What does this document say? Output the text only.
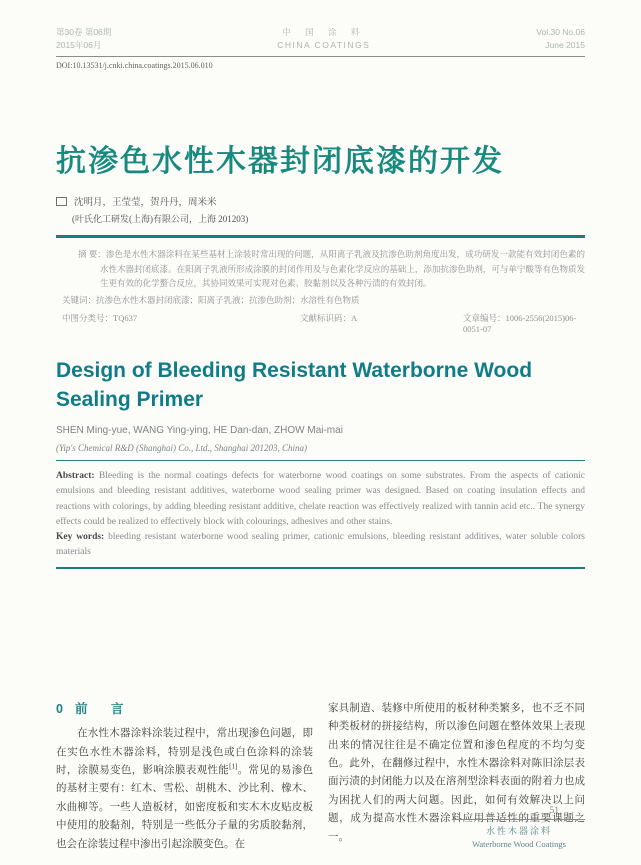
第30卷 第06期
2015年06月
中 国 涂 料
CHINA COATINGS
Vol.30 No.06
June 2015
DOI:10.13531/j.cnki.china.coatings.2015.06.010
抗渗色水性木器封闭底漆的开发
沈明月，王莹莹，贺丹丹，周米米
(叶氏化工研发(上海)有限公司，上海 201203)

摘 要：渗色是水性木器涂料在某些基材上涂装时常出现的问题，从阳离子乳液及抗渗色助剂角度出发，成功研发一款能有效封闭色素的水性木器封闭底漆。在阳离子乳液所形成涂膜的封闭作用及与色素化学反应的基础上，添加抗渗色助剂，可与单宁酸等有色物质发生更有效的化学螯合反应，其协同效果可实现对色素、胶黏剂以及各种污渍的有效封闭。

关键词：抗渗色水性木器封闭底漆；阳离子乳液；抗渗色助剂；水溶性有色物质

中图分类号：TQ637	文献标识码：A	文章编号：1006-2556(2015)06-0051-07
Design of Bleeding Resistant Waterborne Wood Sealing Primer
SHEN Ming-yue, WANG Ying-ying, HE Dan-dan, ZHOW Mai-mai
(Yip's Chemical R&D (Shanghai) Co., Ltd., Shanghai 201203, China)

Abstract: Bleeding is the normal coatings defects for waterborne wood coatings on some substrates. From the aspects of cationic emulsions and bleeding resistant additives, waterborne wood sealing primer was designed. Based on coating insulation effects and reactions with colorings, by adding bleeding resistant additive, chelate reaction was effectively realized with tannin acid etc.. The synergy effects could be realized to effectively block with colourings, adhesives and other stains.
Key words: bleeding resistant waterborne wood sealing primer, cationic emulsions, bleeding resistant additives, water soluble colors materials

0 前 言

在水性木器涂料涂装过程中，常出现渗色问题，即在实色水性木器涂料，特别是浅色或白色涂料的涂装时，涂膜易变色，影响涂膜表观性能[1]。常见的易渗色的基材主要有：红木、雪松、胡桃木、沙比利、橡木、水曲柳等。一些人造板材，如密度板和实木木皮贴皮板中使用的胶黏剂，特别是一些低分子量的劣质胶黏剂，也会在涂装过程中渗出引起涂膜变色。在

家具制造、装修中所使用的板材种类繁多，也不乏不同种类板材的拼接结构，所以渗色问题在整体效果上表现出来的情况往往是不确定位置和渗色程度的不均匀变色。此外，在翻修过程中，水性木器涂料对陈旧涂层表面污渍的封闭能力以及在溶剂型涂料表面的附着力也成为困扰人们的两大问题。因此，如何有效解决以上问题，成为提高水性木器涂料应用普适性的重要课题之一。

51
水性木器涂料
Waterborne Wood Coatings
